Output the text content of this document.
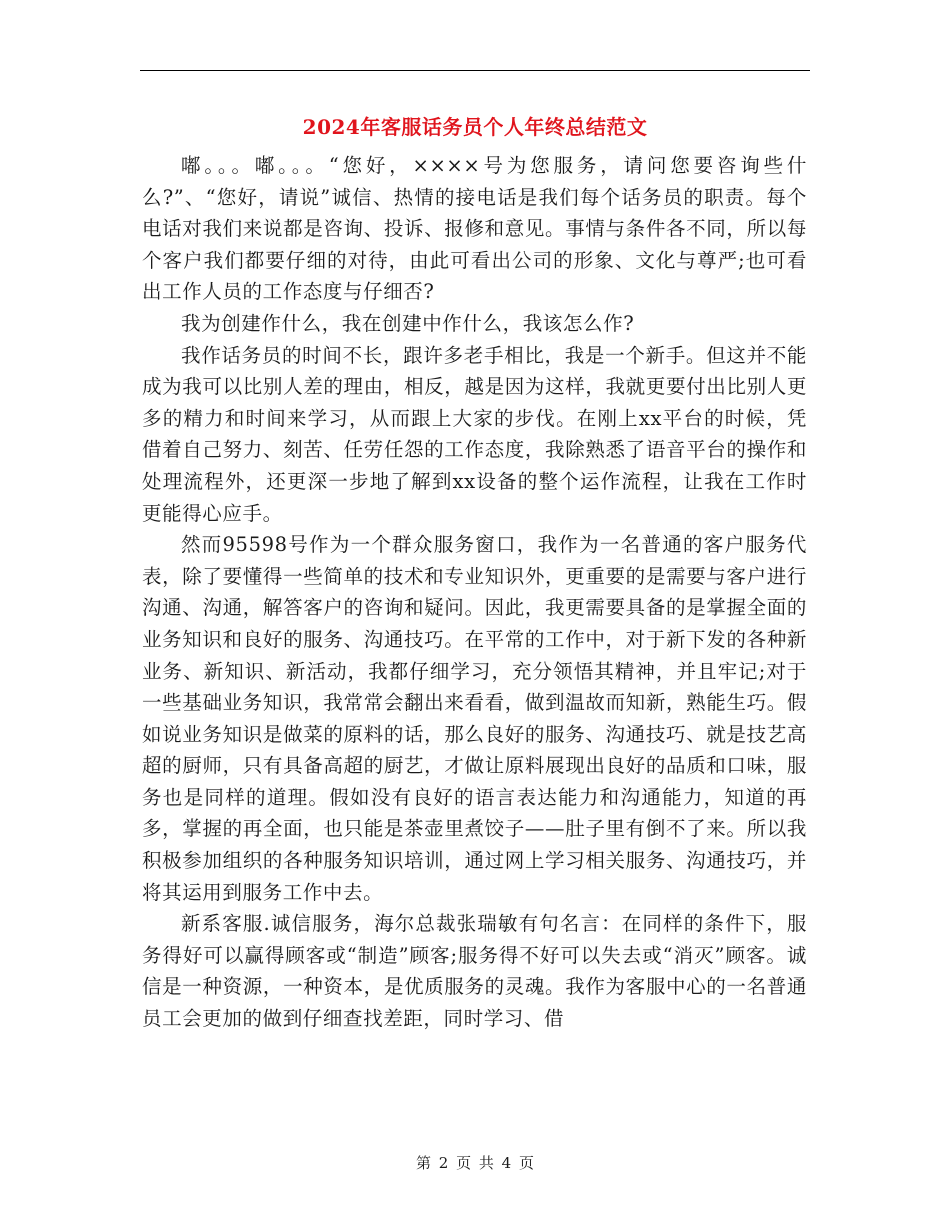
2024年客服话务员个人年终总结范文

嘟。。。嘟。。。“您好，××××号为您服务，请问您要咨询些什么?”、“您好，请说”诚信、热情的接电话是我们每个话务员的职责。每个电话对我们来说都是咨询、投诉、报修和意见。事情与条件各不同，所以每个客户我们都要仔细的对待，由此可看出公司的形象、文化与尊严;也可看出工作人员的工作态度与仔细否?

我为创建作什么，我在创建中作什么，我该怎么作?

我作话务员的时间不长，跟许多老手相比，我是一个新手。但这并不能成为我可以比别人差的理由，相反，越是因为这样，我就更要付出比别人更多的精力和时间来学习，从而跟上大家的步伐。在刚上xx平台的时候，凭借着自己努力、刻苦、任劳任怨的工作态度，我除熟悉了语音平台的操作和处理流程外，还更深一步地了解到xx设备的整个运作流程，让我在工作时更能得心应手。

然而95598号作为一个群众服务窗口，我作为一名普通的客户服务代表，除了要懂得一些简单的技术和专业知识外，更重要的是需要与客户进行沟通、沟通，解答客户的咨询和疑问。因此，我更需要具备的是掌握全面的业务知识和良好的服务、沟通技巧。在平常的工作中，对于新下发的各种新业务、新知识、新活动，我都仔细学习，充分领悟其精神，并且牢记;对于一些基础业务知识，我常常会翻出来看看，做到温故而知新，熟能生巧。假如说业务知识是做菜的原料的话，那么良好的服务、沟通技巧、就是技艺高超的厨师，只有具备高超的厨艺，才做让原料展现出良好的品质和口味，服务也是同样的道理。假如没有良好的语言表达能力和沟通能力，知道的再多，掌握的再全面，也只能是茶壶里煮饺子——肚子里有倒不了来。所以我积极参加组织的各种服务知识培训，通过网上学习相关服务、沟通技巧，并将其运用到服务工作中去。

新系客服.诚信服务，海尔总裁张瑞敏有句名言：在同样的条件下，服务得好可以赢得顾客或“制造”顾客;服务得不好可以失去或“消灭”顾客。诚信是一种资源，一种资本，是优质服务的灵魂。我作为客服中心的一名普通员工会更加的做到仔细查找差距，同时学习、借

第 2 页 共 4 页
